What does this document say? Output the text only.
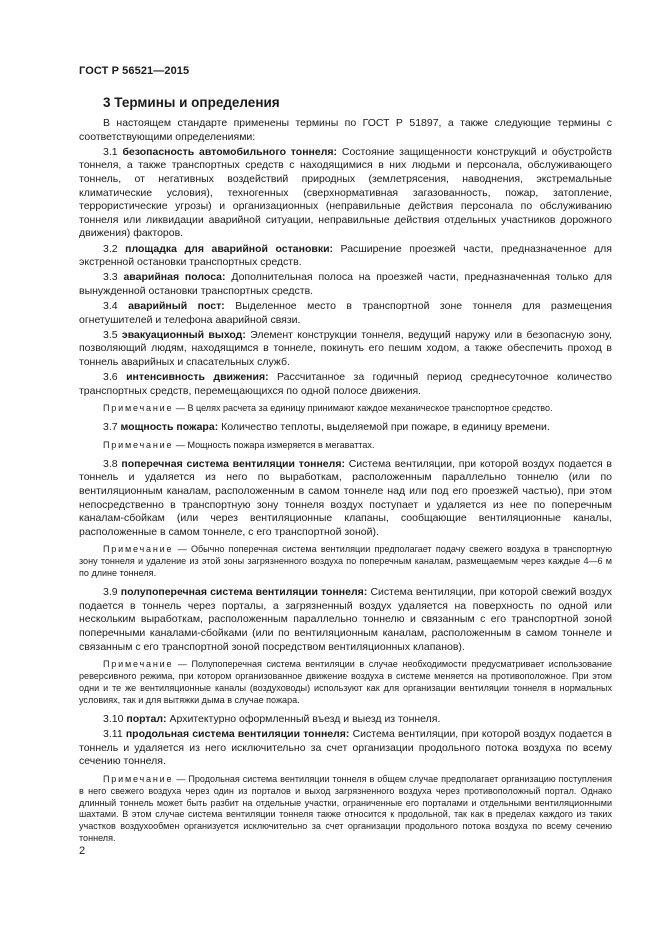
ГОСТ Р 56521—2015
3 Термины и определения

В настоящем стандарте применены термины по ГОСТ Р 51897, а также следующие термины с соответствующими определениями:

3.1 безопасность автомобильного тоннеля: Состояние защищенности конструкций и обустройств тоннеля, а также транспортных средств с находящимися в них людьми и персонала, обслуживающего тоннель, от негативных воздействий природных (землетрясения, наводнения, экстремальные климатические условия), техногенных (сверхнормативная загазованность, пожар, затопление, террористические угрозы) и организационных (неправильные действия персонала по обслуживанию тоннеля или ликвидации аварийной ситуации, неправильные действия отдельных участников дорожного движения) факторов.

3.2 площадка для аварийной остановки: Расширение проезжей части, предназначенное для экстренной остановки транспортных средств.

3.3 аварийная полоса: Дополнительная полоса на проезжей части, предназначенная только для вынужденной остановки транспортных средств.

3.4 аварийный пост: Выделенное место в транспортной зоне тоннеля для размещения огнетушителей и телефона аварийной связи.

3.5 эвакуационный выход: Элемент конструкции тоннеля, ведущий наружу или в безопасную зону, позволяющий людям, находящимся в тоннеле, покинуть его пешим ходом, а также обеспечить проход в тоннель аварийных и спасательных служб.

3.6 интенсивность движения: Рассчитанное за годичный период среднесуточное количество транспортных средств, перемещающихся по одной полосе движения.

Примечание — В целях расчета за единицу принимают каждое механическое транспортное средство.

3.7 мощность пожара: Количество теплоты, выделяемой при пожаре, в единицу времени.

Примечание — Мощность пожара измеряется в мегаваттах.

3.8 поперечная система вентиляции тоннеля: Система вентиляции, при которой воздух подается в тоннель и удаляется из него по выработкам, расположенным параллельно тоннелю (или по вентиляционным каналам, расположенным в самом тоннеле над или под его проезжей частью), при этом непосредственно в транспортную зону тоннеля воздух поступает и удаляется из нее по поперечным каналам-сбойкам (или через вентиляционные клапаны, сообщающие вентиляционные каналы, расположенные в самом тоннеле, с его транспортной зоной).

Примечание — Обычно поперечная система вентиляции предполагает подачу свежего воздуха в транспортную зону тоннеля и удаление из этой зоны загрязненного воздуха по поперечным каналам, размещаемым через каждые 4—6 м по длине тоннеля.

3.9 полупоперечная система вентиляции тоннеля: Система вентиляции, при которой свежий воздух подается в тоннель через порталы, а загрязненный воздух удаляется на поверхность по одной или нескольким выработкам, расположенным параллельно тоннелю и связанным с его транспортной зоной поперечными каналами-сбойками (или по вентиляционным каналам, расположенным в самом тоннеле и связанным с его транспортной зоной посредством вентиляционных клапанов).

Примечание — Полупоперечная система вентиляции в случае необходимости предусматривает использование реверсивного режима, при котором организованное движение воздуха в системе меняется на противоположное. При этом одни и те же вентиляционные каналы (воздуховоды) используют как для организации вентиляции тоннеля в нормальных условиях, так и для вытяжки дыма в случае пожара.

3.10 портал: Архитектурно оформленный въезд и выезд из тоннеля.

3.11 продольная система вентиляции тоннеля: Система вентиляции, при которой воздух подается в тоннель и удаляется из него исключительно за счет организации продольного потока воздуха по всему сечению тоннеля.

Примечание — Продольная система вентиляции тоннеля в общем случае предполагает организацию поступления в него свежего воздуха через один из порталов и выход загрязненного воздуха через противоположный портал. Однако длинный тоннель может быть разбит на отдельные участки, ограниченные его порталами и отдельными вентиляционными шахтами. В этом случае система вентиляции тоннеля также относится к продольной, так как в пределах каждого из таких участков воздухообмен организуется исключительно за счет организации продольного потока воздуха по всему сечению тоннеля.

2
